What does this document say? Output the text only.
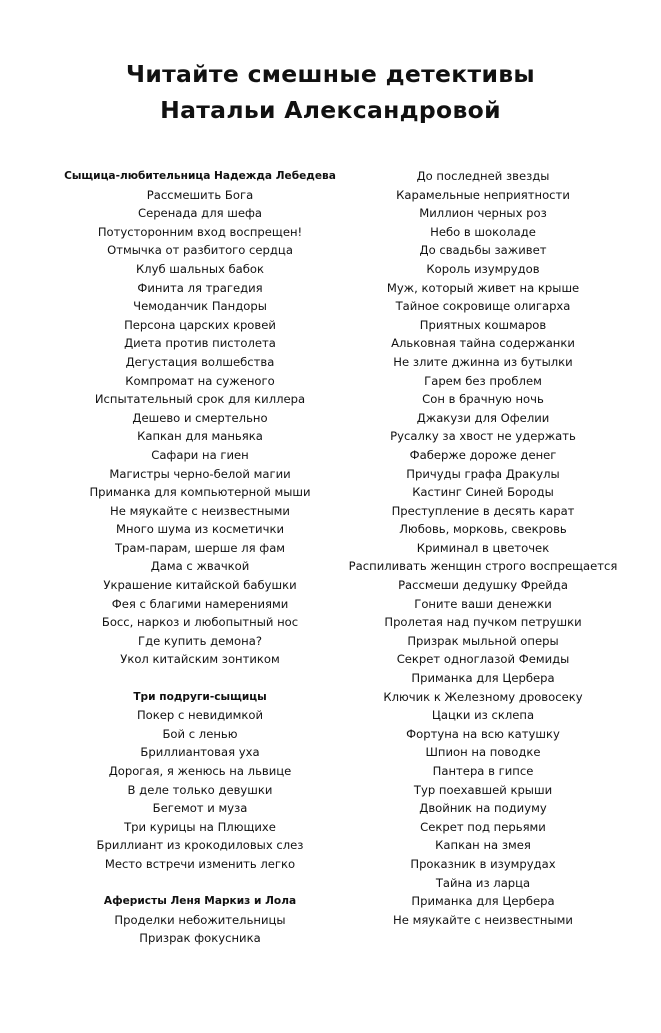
Читайте смешные детективы
Натальи Александровой
Сыщица-любительница Надежда Лебедева
Рассмешить Бога
Серенада для шефа
Потусторонним вход воспрещен!
Отмычка от разбитого сердца
Клуб шальных бабок
Финита ля трагедия
Чемоданчик Пандоры
Персона царских кровей
Диета против пистолета
Дегустация волшебства
Компромат на суженого
Испытательный срок для киллера
Дешево и смертельно
Капкан для маньяка
Сафари на гиен
Магистры черно-белой магии
Приманка для компьютерной мыши
Не мяукайте с неизвестными
Много шума из косметички
Трам-парам, шерше ля фам
Дама с жвачкой
Украшение китайской бабушки
Фея с благими намерениями
Босс, наркоз и любопытный нос
Где купить демона?
Укол китайским зонтиком
Три подруги-сыщицы
Покер с невидимкой
Бой с ленью
Бриллиантовая уха
Дорогая, я женюсь на львице
В деле только девушки
Бегемот и муза
Три курицы на Плющихе
Бриллиант из крокодиловых слез
Место встречи изменить легко
Аферисты Леня Маркиз и Лола
Проделки небожительницы
Призрак фокусника
До последней звезды
Карамельные неприятности
Миллион черных роз
Небо в шоколаде
До свадьбы заживет
Король изумрудов
Муж, который живет на крыше
Тайное сокровище олигарха
Приятных кошмаров
Альковная тайна содержанки
Не злите джинна из бутылки
Гарем без проблем
Сон в брачную ночь
Джакузи для Офелии
Русалку за хвост не удержать
Фаберже дороже денег
Причуды графа Дракулы
Кастинг Синей Бороды
Преступление в десять карат
Любовь, морковь, свекровь
Криминал в цветочек
Распиливать женщин строго воспрещается
Рассмеши дедушку Фрейда
Гоните ваши денежки
Пролетая над пучком петрушки
Призрак мыльной оперы
Секрет одноглазой Фемиды
Приманка для Цербера
Ключик к Железному дровосеку
Цацки из склепа
Фортуна на всю катушку
Шпион на поводке
Пантера в гипсе
Тур поехавшей крыши
Двойник на подиуму
Секрет под перьями
Капкан на змея
Проказник в изумрудах
Тайна из ларца
Приманка для Цербера
Не мяукайте с неизвестными
